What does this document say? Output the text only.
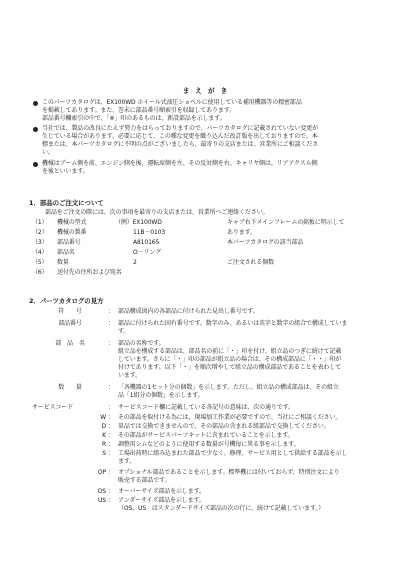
まえがき
このパーツカタログは、EX100WD ホイール式油圧ショベルに使用している補用機器等の精密部品
を掲載してあります。また、巻末に部品番号順索引を収録してあります。
部品番号欄索引の中で、「※」印のあるものは、新設部品を示します。
当社では、製品の改良にたえず努力をはらっておりますので、パーツカタログに記載されていない変更が
生じている場合があります。必要に応じて、この種な変更を織り込んだ改訂版を出しておりますので、本
標または、本パーツカタログに不明の点がございましたら、最寄りの支店または、営業所にご相談くださ
い。
機械はブーム側を前、エンジン側を後、運転席側を左、その反対側を右、キャリヤ側は、リアアクスル側
を後といいます。
1．部品のご注文について
部品をご注文の際には、次の事項を最寄りの支店または、営業所へご連絡ください。
（1）	機械の型式	（例）EX100WD	キャブ右下メインフレームの銘板に明示して
（2）	機械の製番	11B－0103	あります。
（3）	部品番号	A810165	本パーツカタログの該当部品
（4）	部品名	O－リング
（5）	数量	2	ご注文される個数
（6）	送付先の住所および宛名
2．パーツカタログの見方
符　　号	： 部品構成図内の各部品に付けられた見出し番号です。
部品番号	： 部品に付けられた固有番号です。数字のみ、あるいは英字と数字の組合で構成していま
す。
部　品　名	： 部品の名称です。
組立品を構成する部品は、部品名の前に「・」印を付け、組立品のつぎに続けて記載
しています。さらに「・」印の部品が組立品の場合は、その構成部品に「・・」印が
付けてあります。以下「・」を順次増やして組立品の構成部品であることを表わして
います。
数　　量	： 「各機器の1セット分の個数」を示します。ただし、組立品の構成部品は、その組立
品「1組分の個数」を示します。
サービスコード	： サービスコード欄に記載している各記号の意味は、次の通りです。
W ： その部品を取付ける為には、現場加工作業が必要ですので、当社にご相談ください。
D ： 単品では交換できませんので、その部品の含まれる組部品で交換してください。
K ： その部品がサービスパーツキットに含まれていることを示します。
R ： 調整用シムなどのように使用する数量が号機毎に異る事を示します。
S ： 工場出荷時に組み込まれた部品で少なく、修理、サービス用として供給する部品を示し
ます。
OP ： オプショナル部品であることを示します。標準機には付いておらず、特別注文により
販売する部品です。
OS ： オーバーサイズ部品を示します。
US ： アンダーサイズ部品を示します。
（OS，US　はスタンダードサイズ部品の次の行に、続けて記載しています。）
